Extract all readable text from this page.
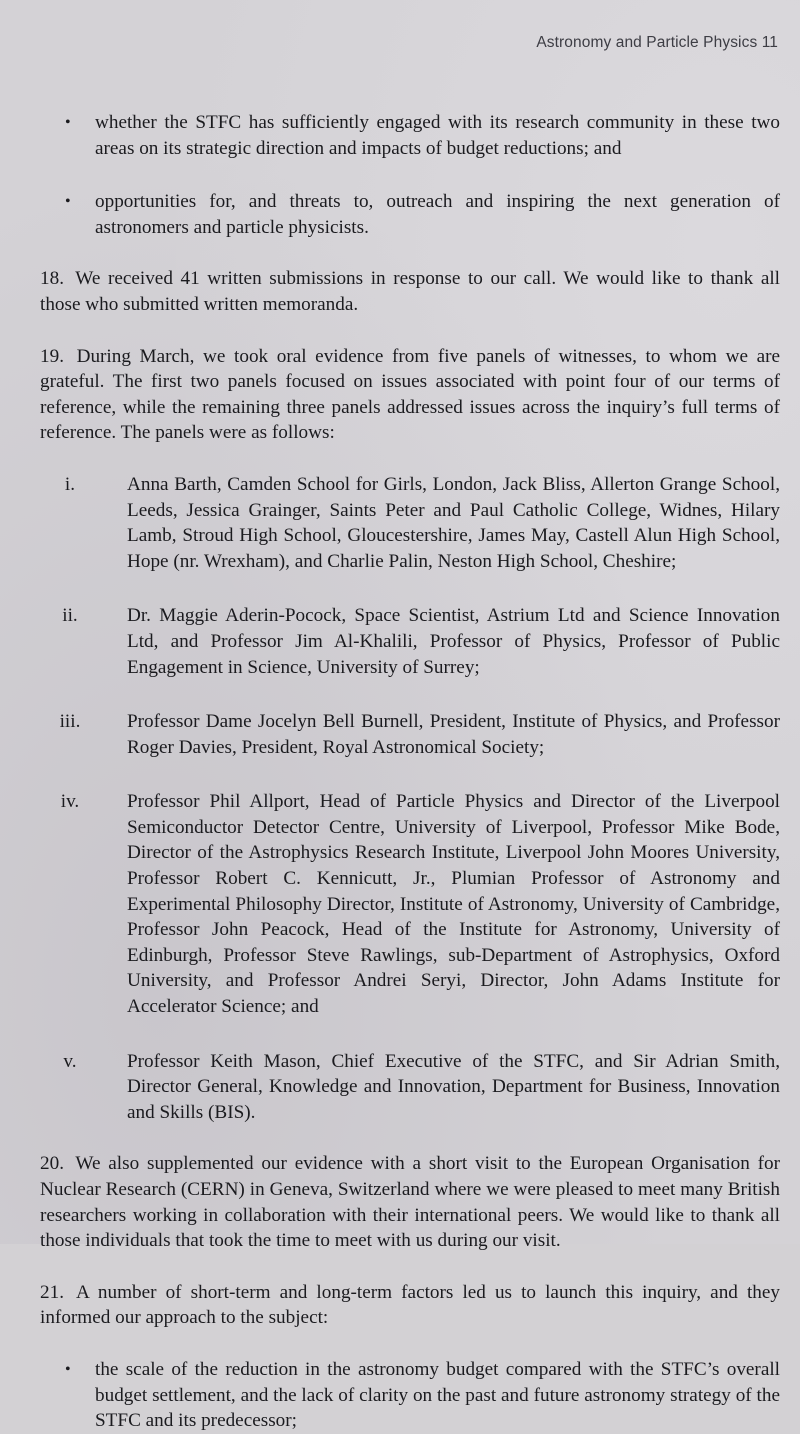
Astronomy and Particle Physics 11
• whether the STFC has sufficiently engaged with its research community in these two areas on its strategic direction and impacts of budget reductions; and
• opportunities for, and threats to, outreach and inspiring the next generation of astronomers and particle physicists.

18. We received 41 written submissions in response to our call. We would like to thank all those who submitted written memoranda.

19. During March, we took oral evidence from five panels of witnesses, to whom we are grateful. The first two panels focused on issues associated with point four of our terms of reference, while the remaining three panels addressed issues across the inquiry’s full terms of reference. The panels were as follows:

i.	Anna Barth, Camden School for Girls, London, Jack Bliss, Allerton Grange School, Leeds, Jessica Grainger, Saints Peter and Paul Catholic College, Widnes, Hilary Lamb, Stroud High School, Gloucestershire, James May, Castell Alun High School, Hope (nr. Wrexham), and Charlie Palin, Neston High School, Cheshire;
ii.	Dr. Maggie Aderin-Pocock, Space Scientist, Astrium Ltd and Science Innovation Ltd, and Professor Jim Al-Khalili, Professor of Physics, Professor of Public Engagement in Science, University of Surrey;
iii.	Professor Dame Jocelyn Bell Burnell, President, Institute of Physics, and Professor Roger Davies, President, Royal Astronomical Society;
iv.	Professor Phil Allport, Head of Particle Physics and Director of the Liverpool Semiconductor Detector Centre, University of Liverpool, Professor Mike Bode, Director of the Astrophysics Research Institute, Liverpool John Moores University, Professor Robert C. Kennicutt, Jr., Plumian Professor of Astronomy and Experimental Philosophy Director, Institute of Astronomy, University of Cambridge, Professor John Peacock, Head of the Institute for Astronomy, University of Edinburgh, Professor Steve Rawlings, sub-Department of Astrophysics, Oxford University, and Professor Andrei Seryi, Director, John Adams Institute for Accelerator Science; and
v.	Professor Keith Mason, Chief Executive of the STFC, and Sir Adrian Smith, Director General, Knowledge and Innovation, Department for Business, Innovation and Skills (BIS).

20. We also supplemented our evidence with a short visit to the European Organisation for Nuclear Research (CERN) in Geneva, Switzerland where we were pleased to meet many British researchers working in collaboration with their international peers. We would like to thank all those individuals that took the time to meet with us during our visit.

21. A number of short-term and long-term factors led us to launch this inquiry, and they informed our approach to the subject:

• the scale of the reduction in the astronomy budget compared with the STFC’s overall budget settlement, and the lack of clarity on the past and future astronomy strategy of the STFC and its predecessor;
